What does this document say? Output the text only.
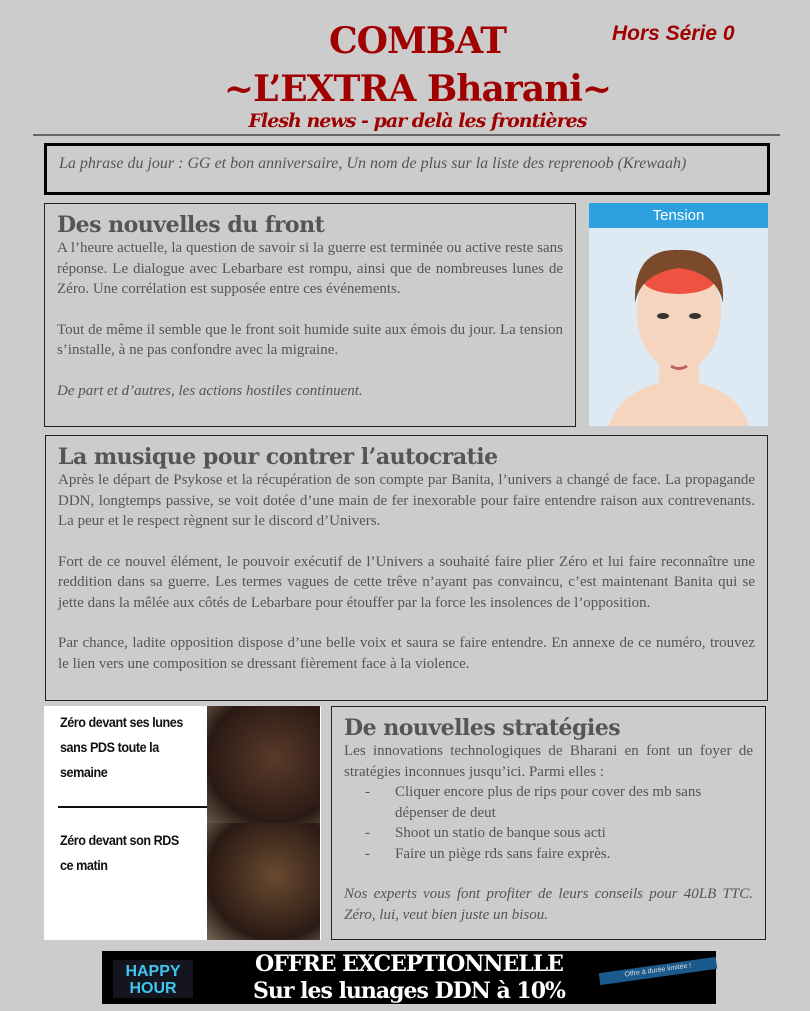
COMBAT
~L’EXTRA Bharani~
Flesh news - par delà les frontières
Hors Série 0
La phrase du jour : GG et bon anniversaire, Un nom de plus sur la liste des reprenoob (Krewaah)
Des nouvelles du front

A l’heure actuelle, la question de savoir si la guerre est terminée ou active reste sans réponse. Le dialogue avec Lebarbare est rompu, ainsi que de nombreuses lunes de Zéro. Une corrélation est supposée entre ces événements.

Tout de même il semble que le front soit humide suite aux émois du jour. La tension s’installe, à ne pas confondre avec la migraine.

De part et d’autres, les actions hostiles continuent.

Tension
La musique pour contrer l’autocratie

Après le départ de Psykose et la récupération de son compte par Banita, l’univers a changé de face. La propagande DDN, longtemps passive, se voit dotée d’une main de fer inexorable pour faire entendre raison aux contrevenants. La peur et le respect règnent sur le discord d’Univers.

Fort de ce nouvel élément, le pouvoir exécutif de l’Univers a souhaité faire plier Zéro et lui faire reconnaître une reddition dans sa guerre. Les termes vagues de cette trêve n’ayant pas convaincu, c’est maintenant Banita qui se jette dans la mêlée aux côtés de Lebarbare pour étouffer par la force les insolences de l’opposition.

Par chance, ladite opposition dispose d’une belle voix et saura se faire entendre. En annexe de ce numéro, trouvez le lien vers une composition se dressant fièrement face à la violence.

Zéro devant ses lunes sans PDS toute la semaine
Zéro devant son RDS ce matin
De nouvelles stratégies
Les innovations technologiques de Bharani en font un foyer de stratégies inconnues jusqu’ici. Parmi elles :
- Cliquer encore plus de rips pour cover des mb sans dépenser de deut
- Shoot un statio de banque sous acti
- Faire un piège rds sans faire exprès.
Nos experts vous font profiter de leurs conseils pour 40LB TTC. Zéro, lui, veut bien juste un bisou.
HAPPY
HOUR
OFFRE EXCEPTIONNELLE
Sur les lunages DDN à 10%
Offre à durée limitée !
